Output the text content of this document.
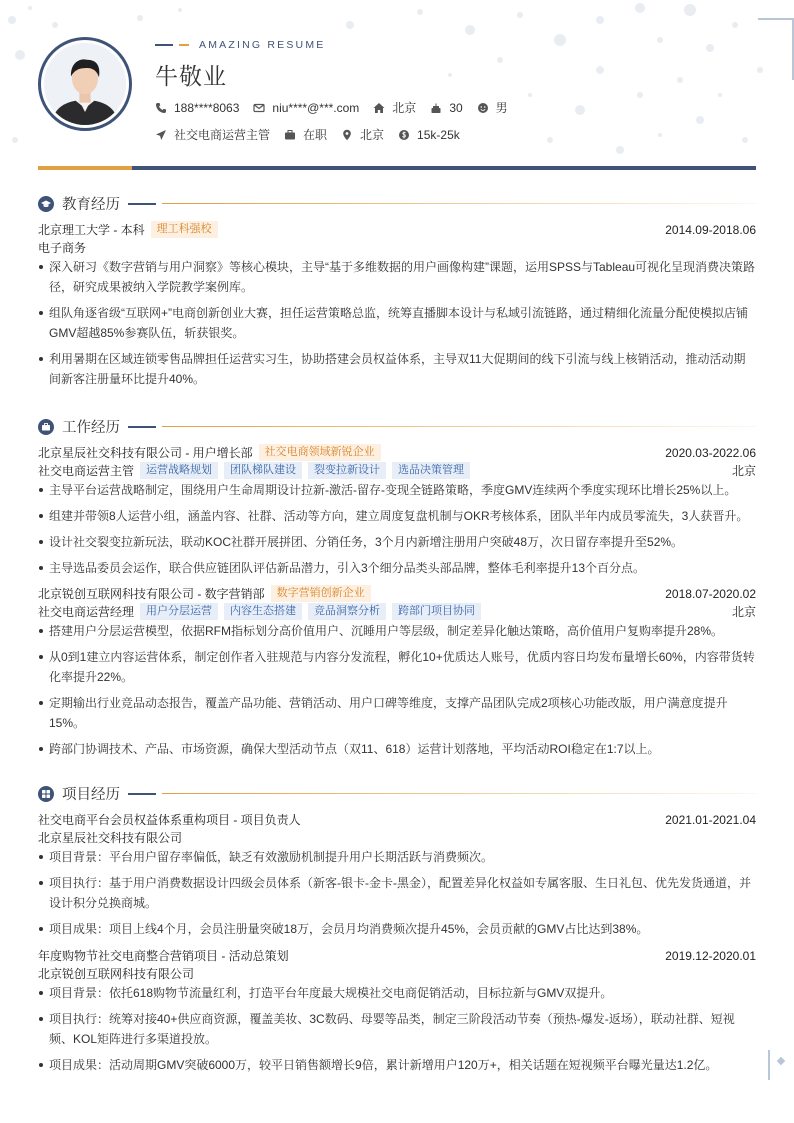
AMAZING RESUME
牛敬业
188****8063	niu****@***.com	北京	30	男
社交电商运营主管	在职	北京	15k-25k
教育经历
北京理工大学 - 本科	理工科强校	2014.09-2018.06
电子商务
深入研习《数字营销与用户洞察》等核心模块，主导“基于多维数据的用户画像构建”课题，运用SPSS与Tableau可视化呈现消费决策路径，研究成果被纳入学院教学案例库。
组队角逐省级“互联网+”电商创新创业大赛，担任运营策略总监，统筹直播脚本设计与私域引流链路，通过精细化流量分配使模拟店铺GMV超越85%参赛队伍，斩获银奖。
利用暑期在区域连锁零售品牌担任运营实习生，协助搭建会员权益体系，主导双11大促期间的线下引流与线上核销活动，推动活动期间新客注册量环比提升40%。
工作经历
北京星辰社交科技有限公司 - 用户增长部	社交电商领域新锐企业	2020.03-2022.06
社交电商运营主管	运营战略规划	团队梯队建设	裂变拉新设计	选品决策管理	北京
主导平台运营战略制定，围绕用户生命周期设计拉新-激活-留存-变现全链路策略，季度GMV连续两个季度实现环比增长25%以上。
组建并带领8人运营小组，涵盖内容、社群、活动等方向，建立周度复盘机制与OKR考核体系，团队半年内成员零流失，3人获晋升。
设计社交裂变拉新玩法，联动KOC社群开展拼团、分销任务，3个月内新增注册用户突破48万，次日留存率提升至52%。
主导选品委员会运作，联合供应链团队评估新品潜力，引入3个细分品类头部品牌，整体毛利率提升13个百分点。
北京锐创互联网科技有限公司 - 数字营销部	数字营销创新企业	2018.07-2020.02
社交电商运营经理	用户分层运营	内容生态搭建	竞品洞察分析	跨部门项目协同	北京
搭建用户分层运营模型，依据RFM指标划分高价值用户、沉睡用户等层级，制定差异化触达策略，高价值用户复购率提升28%。
从0到1建立内容运营体系，制定创作者入驻规范与内容分发流程，孵化10+优质达人账号，优质内容日均发布量增长60%，内容带货转化率提升22%。
定期输出行业竞品动态报告，覆盖产品功能、营销活动、用户口碑等维度，支撑产品团队完成2项核心功能改版，用户满意度提升15%。
跨部门协调技术、产品、市场资源，确保大型活动节点（双11、618）运营计划落地，平均活动ROI稳定在1:7以上。
项目经历
社交电商平台会员权益体系重构项目 - 项目负责人	2021.01-2021.04
北京星辰社交科技有限公司
项目背景：平台用户留存率偏低，缺乏有效激励机制提升用户长期活跃与消费频次。
项目执行：基于用户消费数据设计四级会员体系（新客-银卡-金卡-黑金），配置差异化权益如专属客服、生日礼包、优先发货通道，并设计积分兑换商城。
项目成果：项目上线4个月，会员注册量突破18万，会员月均消费频次提升45%，会员贡献的GMV占比达到38%。
年度购物节社交电商整合营销项目 - 活动总策划	2019.12-2020.01
北京锐创互联网科技有限公司
项目背景：依托618购物节流量红利，打造平台年度最大规模社交电商促销活动，目标拉新与GMV双提升。
项目执行：统筹对接40+供应商资源，覆盖美妆、3C数码、母婴等品类，制定三阶段活动节奏（预热-爆发-返场），联动社群、短视频、KOL矩阵进行多渠道投放。
项目成果：活动周期GMV突破6000万，较平日销售额增长9倍，累计新增用户120万+，相关话题在短视频平台曝光量达1.2亿。
